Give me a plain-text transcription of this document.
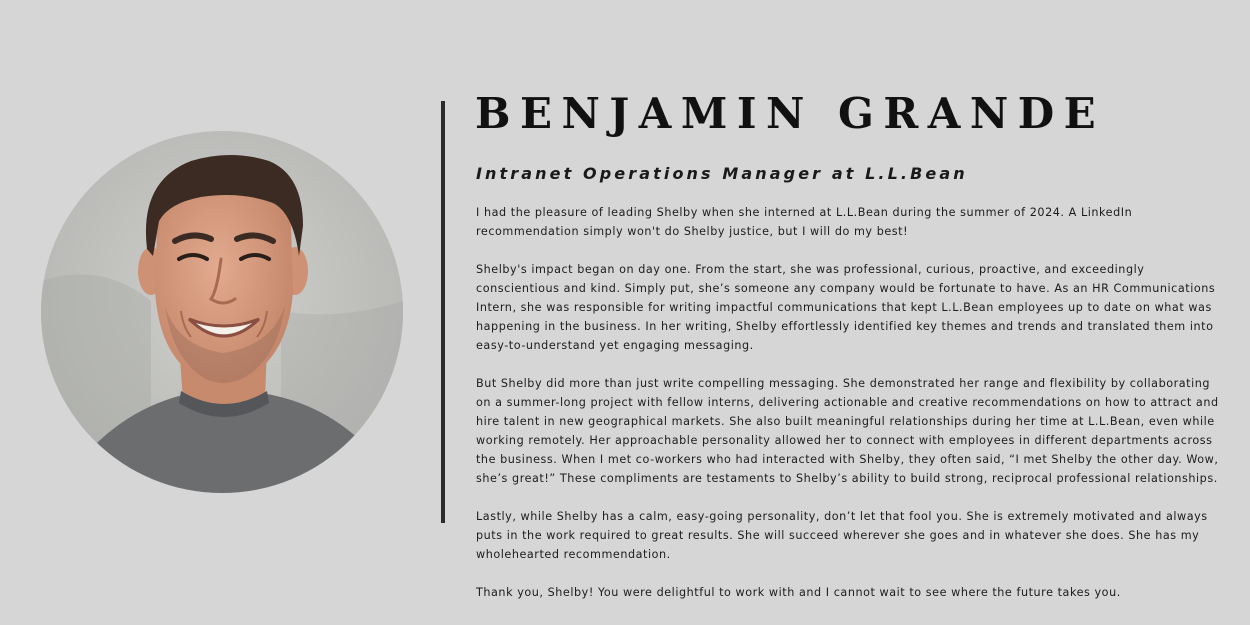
BENJAMIN GRANDE
Intranet Operations Manager at L.L.Bean

I had the pleasure of leading Shelby when she interned at L.L.Bean during the summer of 2024. A LinkedIn recommendation simply won't do Shelby justice, but I will do my best!

Shelby's impact began on day one. From the start, she was professional, curious, proactive, and exceedingly conscientious and kind. Simply put, she’s someone any company would be fortunate to have. As an HR Communications Intern, she was responsible for writing impactful communications that kept L.L.Bean employees up to date on what was happening in the business. In her writing, Shelby effortlessly identified key themes and trends and translated them into easy-to-understand yet engaging messaging.

But Shelby did more than just write compelling messaging. She demonstrated her range and flexibility by collaborating on a summer-long project with fellow interns, delivering actionable and creative recommendations on how to attract and hire talent in new geographical markets. She also built meaningful relationships during her time at L.L.Bean, even while working remotely. Her approachable personality allowed her to connect with employees in different departments across the business. When I met co-workers who had interacted with Shelby, they often said, “I met Shelby the other day. Wow, she’s great!” These compliments are testaments to Shelby’s ability to build strong, reciprocal professional relationships.

Lastly, while Shelby has a calm, easy-going personality, don’t let that fool you. She is extremely motivated and always puts in the work required to great results. She will succeed wherever she goes and in whatever she does. She has my wholehearted recommendation.

Thank you, Shelby! You were delightful to work with and I cannot wait to see where the future takes you.
